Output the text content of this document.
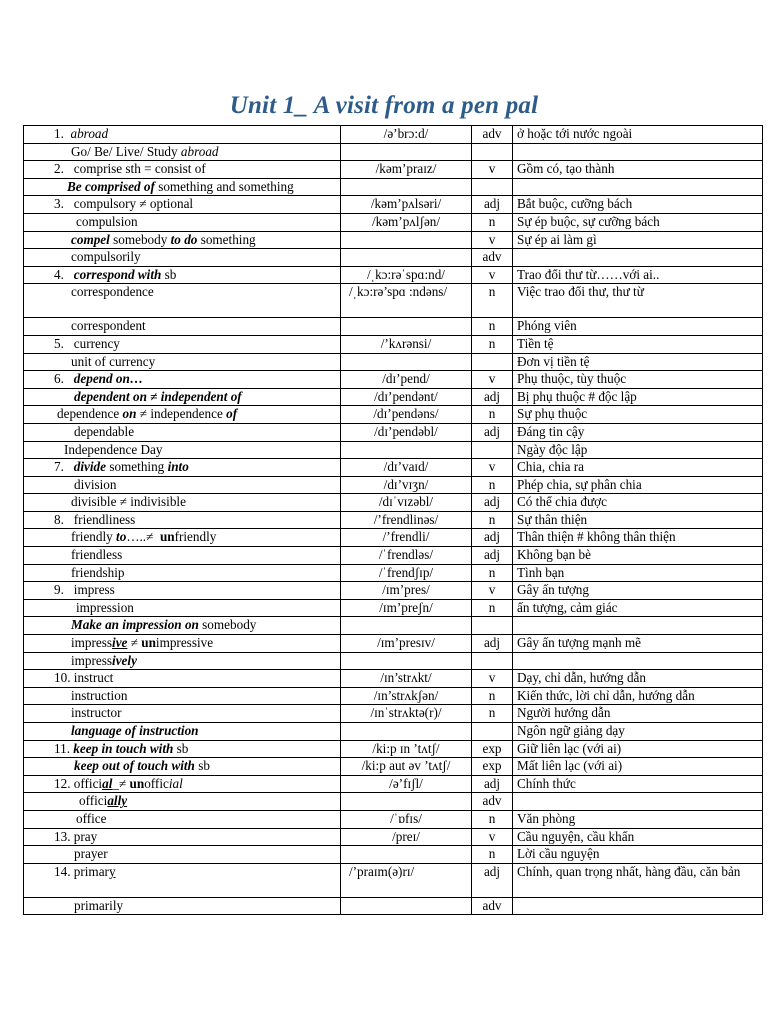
Unit 1_ A visit from a pen pal
1.  abroad	/ə’brɔ:d/	adv	ở hoặc tới nước ngoài
Go/ Be/ Live/ Study abroad			
2.   comprise sth = consist of	/kəm’praɪz/	v	Gồm có, tạo thành
Be comprised of something and something			
3.   compulsory ≠ optional	/kəm’pʌlsəri/	adj	Bắt buộc, cưỡng bách
compulsion	/kəm’pʌlʃən/	n	Sự ép buộc, sự cưỡng bách
compel somebody to do something		v	Sự ép ai làm gì
compulsorily		adv	
4.   correspond with sb	/ˌkɔ:rəˈspɑ:nd/	v	Trao đổi thư từ……với ai..
correspondence	/ˌkɔ:rə’spɑ :ndəns/	n	Việc trao đổi thư, thư từ
correspondent		n	Phóng viên
5.   currency	/’kʌrənsi/	n	Tiền tệ
unit of currency			Đơn vị tiền tệ
6.   depend on…	/dɪ’pend/	v	Phụ thuộc, tùy thuộc
dependent on ≠ independent of	/dɪ’pendənt/	adj	Bị phụ thuộc # độc lập
dependence on ≠ independence of	/dɪ’pendəns/	n	Sự phụ thuộc
dependable	/dɪ’pendəbl/	adj	Đáng tin cậy
Independence Day			Ngày độc lập
7.   divide something into	/dɪ’vaɪd/	v	Chia, chia ra
division	/dɪ’vɪʒn/	n	Phép chia, sự phân chia
divisible ≠ indivisible	/dɪˈvɪzəbl/	adj	Có thể chia được
8.   friendliness	/’frendlinəs/	n	Sự thân thiện
friendly to…..≠  unfriendly	/’frendli/	adj	Thân thiện # không thân thiện
friendless	/ˈfrendləs/	adj	Không bạn bè
friendship	/ˈfrendʃɪp/	n	Tình bạn
9.   impress	/ɪm’pres/	v	Gây ấn tượng
impression	/ɪm’preʃn/	n	ấn tượng, cảm giác
Make an impression on somebody			
impressive ≠ unimpressive	/ɪm’presɪv/	adj	Gây ấn tượng mạnh mẽ
impressively			
10. instruct	/ɪn’strʌkt/	v	Dạy, chỉ dẫn, hướng dẫn
instruction	/ɪn’strʌkʃən/	n	Kiến thức, lời chỉ dẫn, hướng dẫn
instructor	/ɪnˈstrʌktə(r)/	n	Người hướng dẫn
language of instruction			Ngôn ngữ giảng dạy
11. keep in touch with sb	/ki:p ɪn ’tʌtʃ/	exp	Giữ liên lạc (với ai)
keep out of touch with sb	/ki:p aut əv ’tʌtʃ/	exp	Mất liên lạc (với ai)
12. official_≠ unofficial	/ə’fɪʃl/	adj	Chính thức
officially		adv	
office	/ˈɒfɪs/	n	Văn phòng
13. pray	/preɪ/	v	Cầu nguyện, cầu khẩn
prayer		n	Lời cầu nguyện
14. primary	/’praɪm(ə)rɪ/	adj	Chính, quan trọng nhất, hàng đầu, căn bản
primarily		adv	
